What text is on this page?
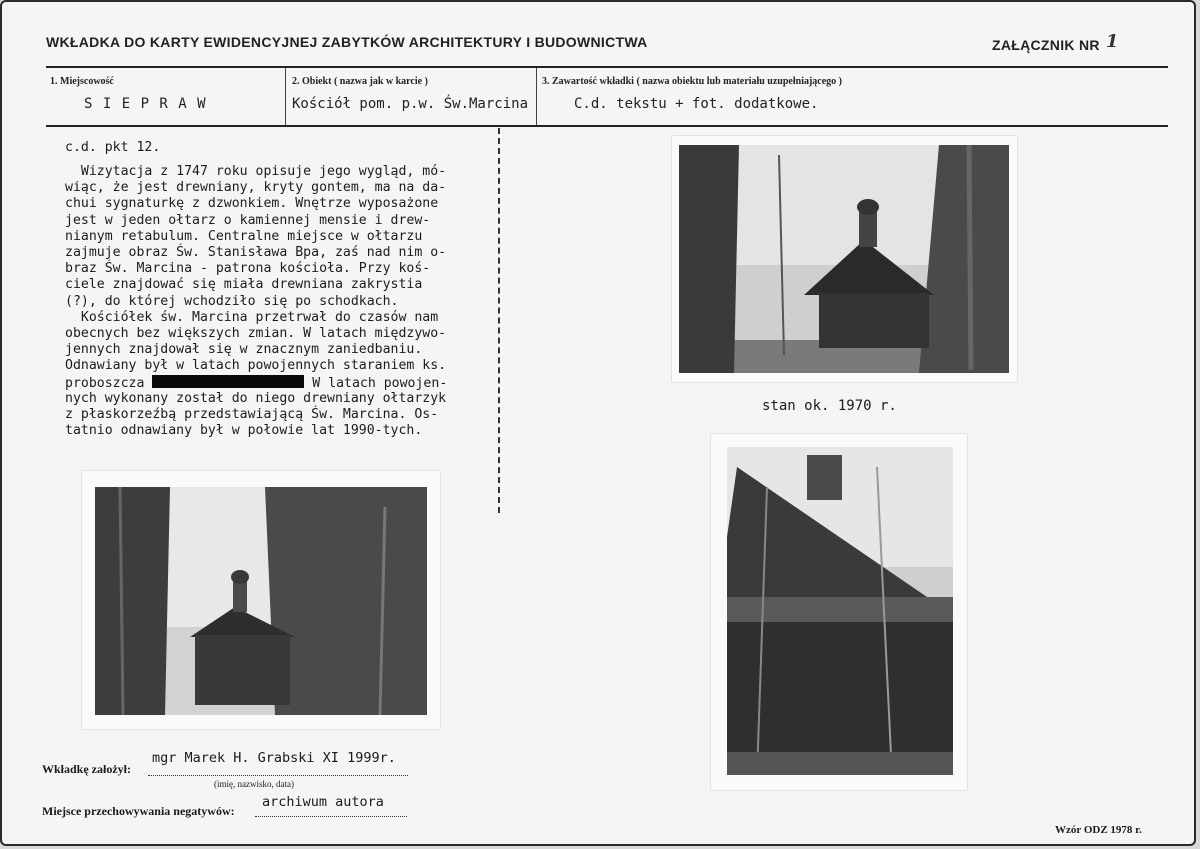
WKŁADKA DO KARTY EWIDENCYJNEJ ZABYTKÓW ARCHITEKTURY I BUDOWNICTWA	ZAŁĄCZNIK NR 1
1. Miejscowość
S I E P R A W
2. Obiekt ( nazwa jak w karcie )
Kościół pom. p.w. Św.Marcina
3. Zawartość wkładki ( nazwa obiektu lub materiału uzupełniającego )
C.d. tekstu + fot. dodatkowe.
c.d. pkt 12.
Wizytacja z 1747 roku opisuje jego wygląd, mó-
wiąc, że jest drewniany, kryty gontem, ma na da-
chui sygnaturkę z dzwonkiem. Wnętrze wyposażone
jest w jeden ołtarz o kamiennej mensie i drew-
nianym retabulum. Centralne miejsce w ołtarzu
zajmuje obraz Św. Stanisława Bpa, zaś nad nim o-
braz Św. Marcina - patrona kościoła. Przy koś-
ciele znajdować się miała drewniana zakrystia
(?), do której wchodziło się po schodkach.
Kościółek św. Marcina przetrwał do czasów nam
obecnych bez większych zmian. W latach międzywo-
jennych znajdował się w znacznym zaniedbaniu.
Odnawiany był w latach powojennych staraniem ks.
proboszcza	W latach powojen-
nych wykonany został do niego drewniany ołtarzyk
z płaskorzeźbą przedstawiającą Św. Marcina. Os-
tatnio odnawiany był w połowie lat 1990-tych.
stan ok. 1970 r.
Wkładkę założył:
mgr Marek H. Grabski XI 1999r.
(imię, nazwisko, data)
Miejsce przechowywania negatywów:
archiwum autora
Wzór ODZ 1978 r.
